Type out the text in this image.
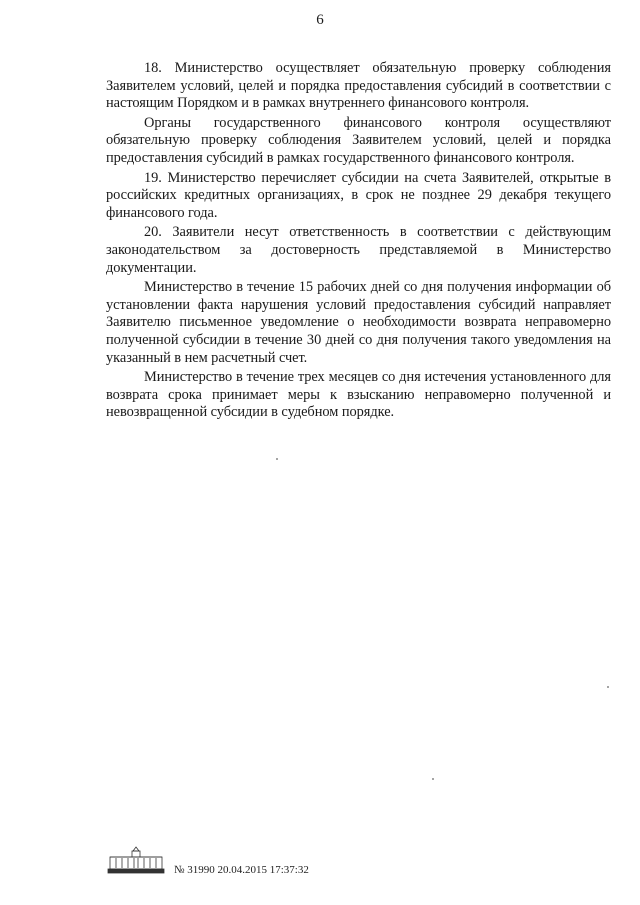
6

18. Министерство осуществляет обязательную проверку соблюдения Заявителем условий, целей и порядка предоставления субсидий в соответствии с настоящим Порядком и в рамках внутреннего финансового контроля.

Органы государственного финансового контроля осуществляют обязательную проверку соблюдения Заявителем условий, целей и порядка предоставления субсидий в рамках государственного финансового контроля.

19. Министерство перечисляет субсидии на счета Заявителей, открытые в российских кредитных организациях, в срок не позднее 29 декабря текущего финансового года.

20. Заявители несут ответственность в соответствии с действующим законодательством за достоверность представляемой в Министерство документации.

Министерство в течение 15 рабочих дней со дня получения информации об установлении факта нарушения условий предоставления субсидий направляет Заявителю письменное уведомление о необходимости возврата неправомерно полученной субсидии в течение 30 дней со дня получения такого уведомления на указанный в нем расчетный счет.

Министерство в течение трех месяцев со дня истечения установленного для возврата срока принимает меры к взысканию неправомерно полученной и невозвращенной субсидии в судебном порядке.

№ 31990 20.04.2015 17:37:32
